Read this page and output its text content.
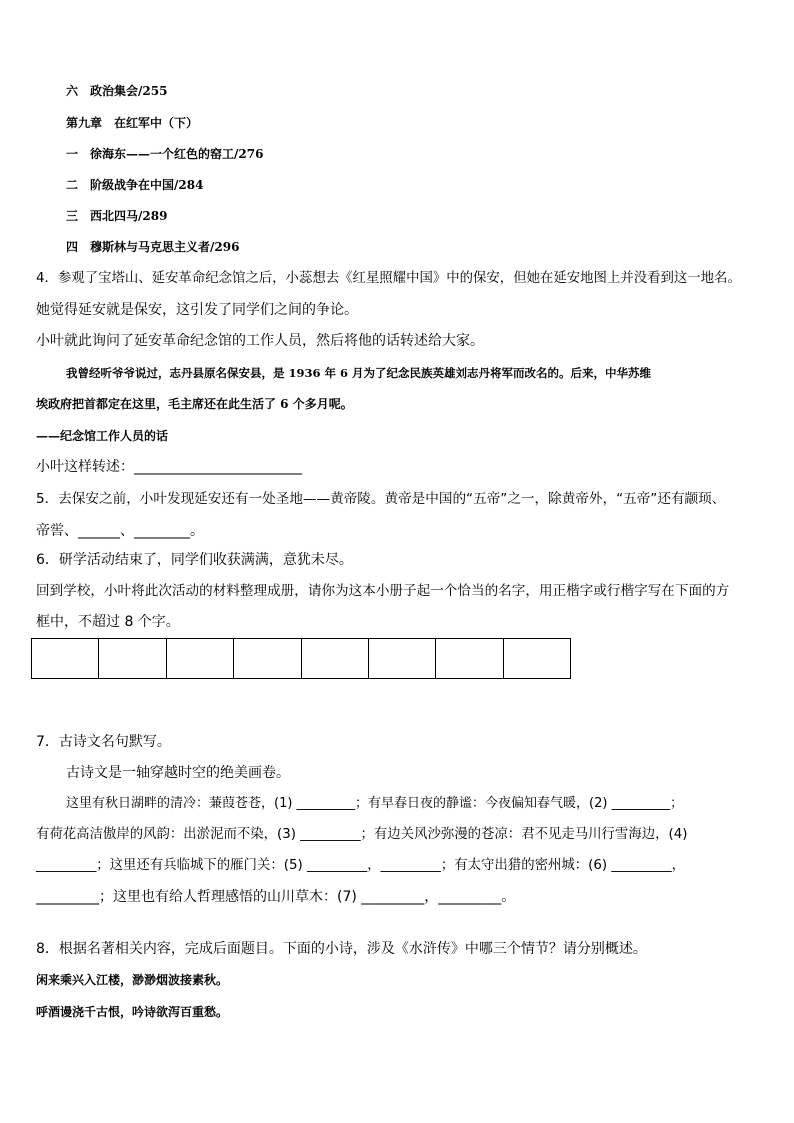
六　政治集会/255
第九章　在红军中（下）
一　徐海东——一个红色的窑工/276
二　阶级战争在中国/284
三　西北四马/289
四　穆斯林与马克思主义者/296
4．参观了宝塔山、延安革命纪念馆之后，小蕊想去《红星照耀中国》中的保安，但她在延安地图上并没看到这一地名。
她觉得延安就是保安，这引发了同学们之间的争论。
小叶就此询问了延安革命纪念馆的工作人员，然后将他的话转述给大家。
我曾经听爷爷说过，志丹县原名保安县，是 1936 年 6 月为了纪念民族英雄刘志丹将军而改名的。后来，中华苏维
埃政府把首都定在这里，毛主席还在此生活了 6 个多月呢。
——纪念馆工作人员的话
小叶这样转述：________________________
5．去保安之前，小叶发现延安还有一处圣地——黄帝陵。黄帝是中国的“五帝”之一，除黄帝外，“五帝”还有颛顼、
帝喾、______、________。
6．研学活动结束了，同学们收获满满，意犹未尽。
回到学校，小叶将此次活动的材料整理成册，请你为这本小册子起一个恰当的名字，用正楷字或行楷字写在下面的方
框中，不超过 8 个字。
7．古诗文名句默写。
古诗文是一轴穿越时空的绝美画卷。
这里有秋日湖畔的清冷：蒹葭苍苍，(1) _________；有早春日夜的静谧：今夜偏知春气暖，(2) _________；
有荷花高洁傲岸的风韵：出淤泥而不染，(3) _________；有边关风沙弥漫的苍凉：君不见走马川行雪海边，(4)
_________；这里还有兵临城下的雁门关：(5) _________，_________；有太守出猎的密州城：(6) _________，
_________；这里也有给人哲理感悟的山川草木：(7) _________，_________。
8．根据名著相关内容，完成后面题目。下面的小诗，涉及《水浒传》中哪三个情节？请分别概述。
闲来乘兴入江楼，渺渺烟波接素秋。
呼酒谩浇千古恨，吟诗欲泻百重愁。
